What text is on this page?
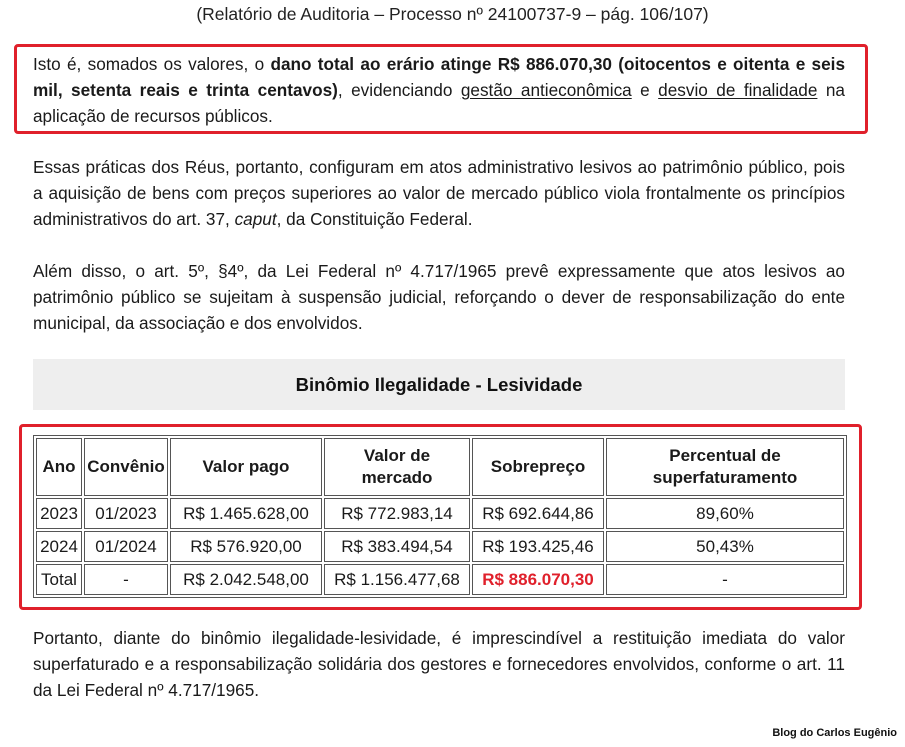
(Relatório de Auditoria – Processo nº 24100737-9 – pág. 106/107)
Isto é, somados os valores, o dano total ao erário atinge R$ 886.070,30 (oitocentos e oitenta e seis mil, setenta reais e trinta centavos), evidenciando gestão antieconômica e desvio de finalidade na aplicação de recursos públicos.
Essas práticas dos Réus, portanto, configuram em atos administrativo lesivos ao patrimônio público, pois a aquisição de bens com preços superiores ao valor de mercado público viola frontalmente os princípios administrativos do art. 37, caput, da Constituição Federal.
Além disso, o art. 5º, §4º, da Lei Federal nº 4.717/1965 prevê expressamente que atos lesivos ao patrimônio público se sujeitam à suspensão judicial, reforçando o dever de responsabilização do ente municipal, da associação e dos envolvidos.
Binômio Ilegalidade - Lesividade
Ano	Convênio	Valor pago	Valor de mercado	Sobrepreço	Percentual de superfaturamento

2023	01/2023	R$ 1.465.628,00	R$ 772.983,14	R$ 692.644,86	89,60%
2024	01/2024	R$ 576.920,00	R$ 383.494,54	R$ 193.425,46	50,43%
Total	-	R$ 2.042.548,00	R$ 1.156.477,68	R$ 886.070,30	-
Portanto, diante do binômio ilegalidade-lesividade, é imprescindível a restituição imediata do valor superfaturado e a responsabilização solidária dos gestores e fornecedores envolvidos, conforme o art. 11 da Lei Federal nº 4.717/1965.
Blog do Carlos Eugênio
